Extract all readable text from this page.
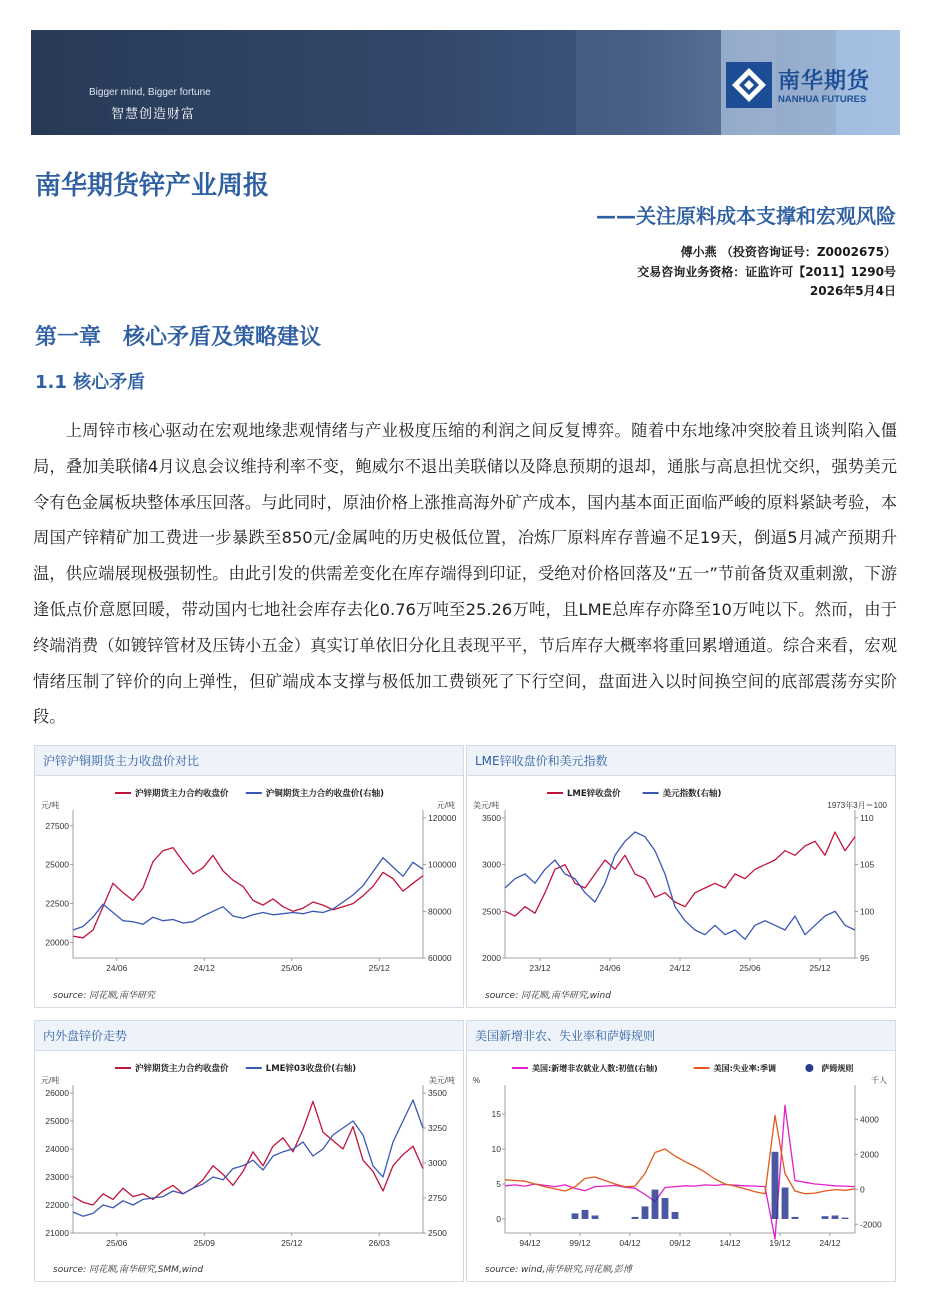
Bigger mind, Bigger fortune
智慧创造财富
南华期货
NANHUA FUTURES
南华期货锌产业周报
——关注原料成本支撑和宏观风险
傅小燕 （投资咨询证号：Z0002675）
交易咨询业务资格：证监许可【2011】1290号
2026年5月4日
第一章　核心矛盾及策略建议
1.1 核心矛盾

上周锌市核心驱动在宏观地缘悲观情绪与产业极度压缩的利润之间反复博弈。随着中东地缘冲突胶着且谈判陷入僵局，叠加美联储4月议息会议维持利率不变，鲍威尔不退出美联储以及降息预期的退却，通胀与高息担忧交织，强势美元令有色金属板块整体承压回落。与此同时，原油价格上涨推高海外矿产成本，国内基本面正面临严峻的原料紧缺考验，本周国产锌精矿加工费进一步暴跌至850元/金属吨的历史极低位置，冶炼厂原料库存普遍不足19天，倒逼5月减产预期升温，供应端展现极强韧性。由此引发的供需差变化在库存端得到印证，受绝对价格回落及“五一”节前备货双重刺激，下游逢低点价意愿回暖，带动国内七地社会库存去化0.76万吨至25.26万吨，且LME总库存亦降至10万吨以下。然而，由于终端消费（如镀锌管材及压铸小五金）真实订单依旧分化且表现平平，节后库存大概率将重回累增通道。综合来看，宏观情绪压制了锌价的向上弹性，但矿端成本支撑与极低加工费锁死了下行空间，盘面进入以时间换空间的底部震荡夯实阶段。

沪锌沪铜期货主力收盘价对比
元/吨	元/吨
20000
22500
25000
27500
60000
80000
100000
120000
24/06	24/12	25/06	25/12
沪锌期货主力合约收盘价	沪铜期货主力合约收盘价(右轴)
source: 同花顺,南华研究
LME锌收盘价和美元指数
美元/吨	1973年3月＝100
2000
2500
3000
3500
95
100
105
110
23/12	24/06	24/12	25/06	25/12
LME锌收盘价	美元指数(右轴)
source: 同花顺,南华研究,wind
内外盘锌价走势
元/吨	美元/吨
21000
22000
23000
24000
25000
26000
2500
2750
3000
3250
3500
25/06	25/09	25/12	26/03
沪锌期货主力合约收盘价	LME锌03收盘价(右轴)
source: 同花顺,南华研究,SMM,wind
美国新增非农、失业率和萨姆规则
%	千人
0
5
10
15
-2000
0
2000
4000
94/12	99/12	04/12	09/12	14/12	19/12	24/12
美国:新增非农就业人数:初值(右轴)	美国:失业率:季调	萨姆规则
source: wind,南华研究,同花顺,彭博
